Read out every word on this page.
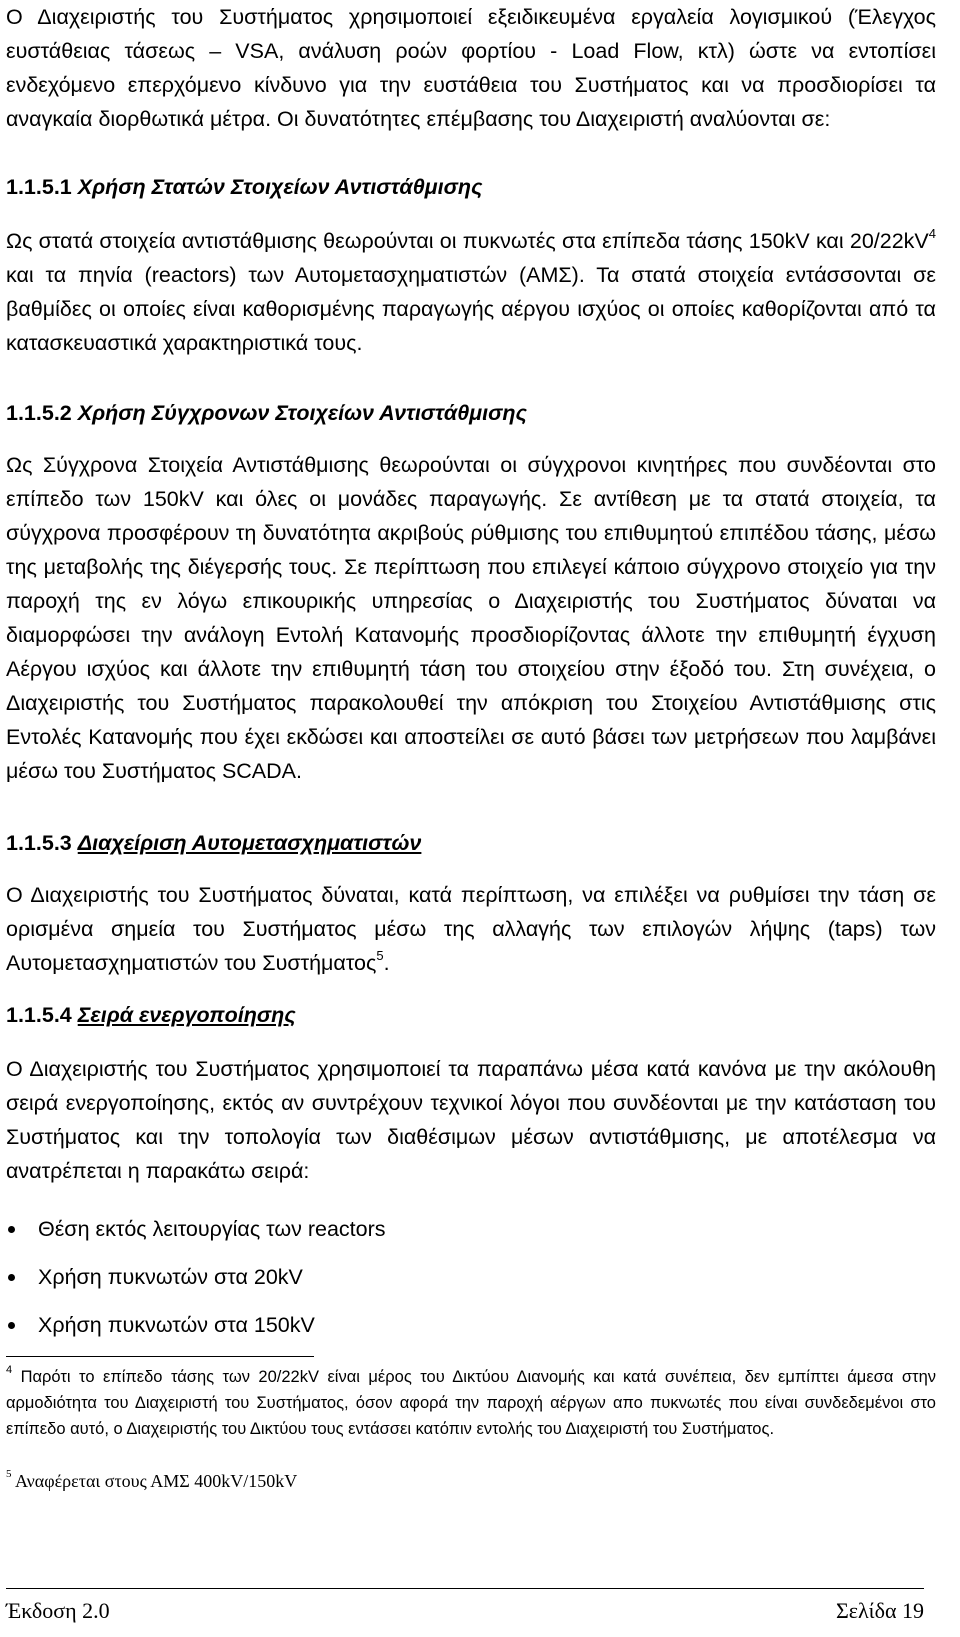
Ο Διαχειριστής του Συστήματος χρησιμοποιεί εξειδικευμένα εργαλεία λογισμικού (Έλεγχος ευστάθειας τάσεως – VSA, ανάλυση ροών φορτίου - Load Flow, κτλ) ώστε να εντοπίσει ενδεχόμενο επερχόμενο κίνδυνο για την ευστάθεια του Συστήματος και να προσδιορίσει τα αναγκαία διορθωτικά μέτρα. Οι δυνατότητες επέμβασης του Διαχειριστή αναλύονται σε:

1.1.5.1 Χρήση Στατών Στοιχείων Αντιστάθμισης

Ως στατά στοιχεία αντιστάθμισης θεωρούνται οι πυκνωτές στα επίπεδα τάσης 150kV και $20/22kV^4$ και τα πηνία (reactors) των Αυτομετασχηματιστών (ΑΜΣ). Τα στατά στοιχεία εντάσσονται σε βαθμίδες οι οποίες είναι καθορισμένης παραγωγής αέργου ισχύος οι οποίες καθορίζονται από τα κατασκευαστικά χαρακτηριστικά τους.

1.1.5.2 Χρήση Σύγχρονων Στοιχείων Αντιστάθμισης

Ως Σύγχρονα Στοιχεία Αντιστάθμισης θεωρούνται οι σύγχρονοι κινητήρες που συνδέονται στο επίπεδο των 150kV και όλες οι μονάδες παραγωγής. Σε αντίθεση με τα στατά στοιχεία, τα σύγχρονα προσφέρουν τη δυνατότητα ακριβούς ρύθμισης του επιθυμητού επιπέδου τάσης, μέσω της μεταβολής της διέγερσής τους. Σε περίπτωση που επιλεγεί κάποιο σύγχρονο στοιχείο για την παροχή της εν λόγω επικουρικής υπηρεσίας ο Διαχειριστής του Συστήματος δύναται να διαμορφώσει την ανάλογη Εντολή Κατανομής προσδιορίζοντας άλλοτε την επιθυμητή έγχυση Αέργου ισχύος και άλλοτε την επιθυμητή τάση του στοιχείου στην έξοδό του. Στη συνέχεια, ο Διαχειριστής του Συστήματος παρακολουθεί την απόκριση του Στοιχείου Αντιστάθμισης στις Εντολές Κατανομής που έχει εκδώσει και αποστείλει σε αυτό βάσει των μετρήσεων που λαμβάνει μέσω του Συστήματος SCADA.

1.1.5.3 Διαχείριση Αυτομετασχηματιστών

Ο Διαχειριστής του Συστήματος δύναται, κατά περίπτωση, να επιλέξει να ρυθμίσει την τάση σε ορισμένα σημεία του Συστήματος μέσω της αλλαγής των επιλογών λήψης (taps) των Αυτομετασχηματιστών του Συστήματος$^5$.

1.1.5.4 Σειρά ενεργοποίησης

Ο Διαχειριστής του Συστήματος χρησιμοποιεί τα παραπάνω μέσα κατά κανόνα με την ακόλουθη σειρά ενεργοποίησης, εκτός αν συντρέχουν τεχνικοί λόγοι που συνδέονται με την κατάσταση του Συστήματος και την τοπολογία των διαθέσιμων μέσων αντιστάθμισης, με αποτέλεσμα να ανατρέπεται η παρακάτω σειρά:

Θέση εκτός λειτουργίας των reactors
Χρήση πυκνωτών στα 20kV
Χρήση πυκνωτών στα 150kV

$^4$ Παρότι το επίπεδο τάσης των 20/22kV είναι μέρος του Δικτύου Διανομής και κατά συνέπεια, δεν εμπίπτει άμεσα στην αρμοδιότητα του Διαχειριστή του Συστήματος, όσον αφορά την παροχή αέργων απο πυκνωτές που είναι συνδεδεμένοι στο επίπεδο αυτό, ο Διαχειριστής του Δικτύου τους εντάσσει κατόπιν εντολής του Διαχειριστή του Συστήματος.

$^5$ Αναφέρεται στους ΑΜΣ 400kV/150kV

Έκδοση 2.0	Σελίδα 19
